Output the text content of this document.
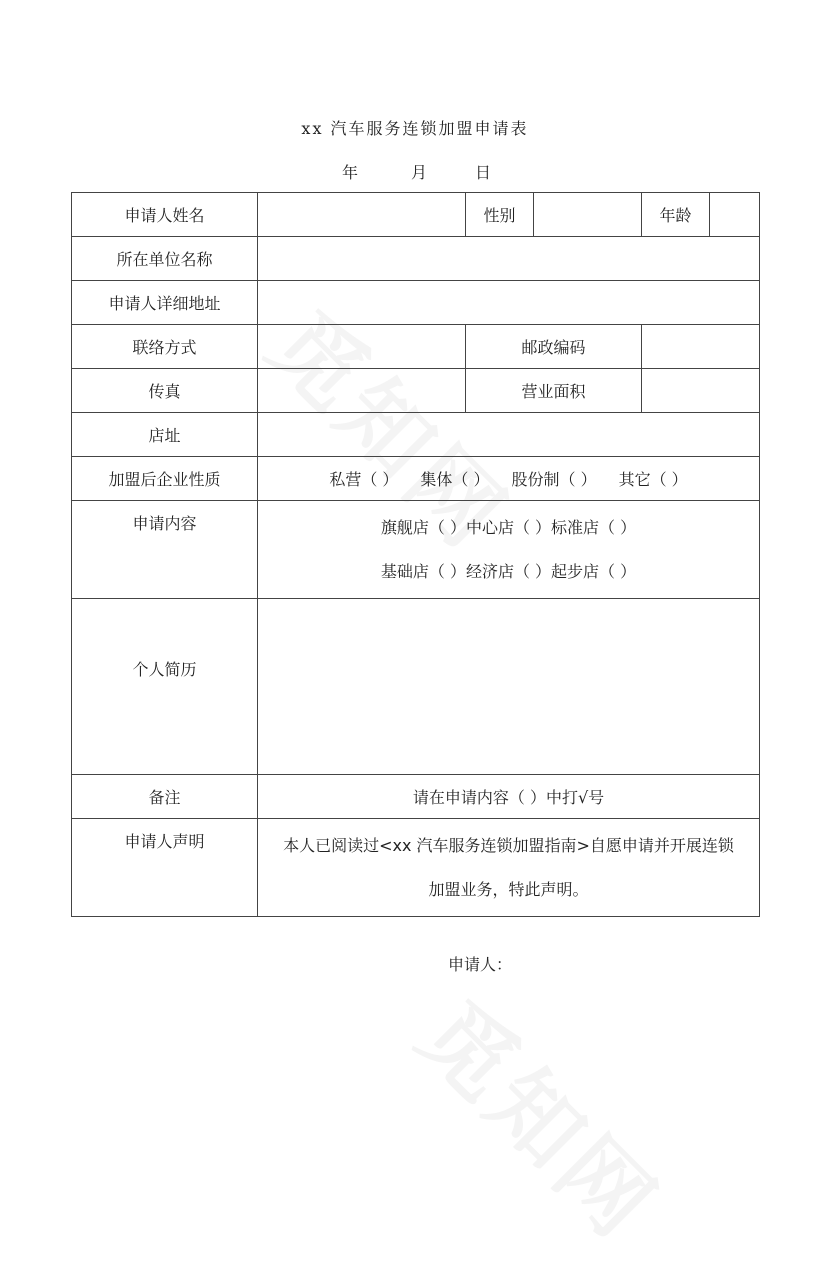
xx 汽车服务连锁加盟申请表
年	月	日
申请人姓名		性别		年龄	
所在单位名称					
申请人详细地址					
联络方式		邮政编码			
传真		营业面积			
店址					
加盟后企业性质	私营（ ） 集体（ ） 股份制（ ） 其它（ ）				
申请内容	旗舰店（ ）中心店（ ）标准店（ ）
基础店（ ）经济店（ ）起步店（ ）				

个人简历					

备注	请在申请内容（ ）中打√号				
申请人声明	本人已阅读过<xx 汽车服务连锁加盟指南>自愿申请并开展连锁
加盟业务，特此声明。				
申请人：
